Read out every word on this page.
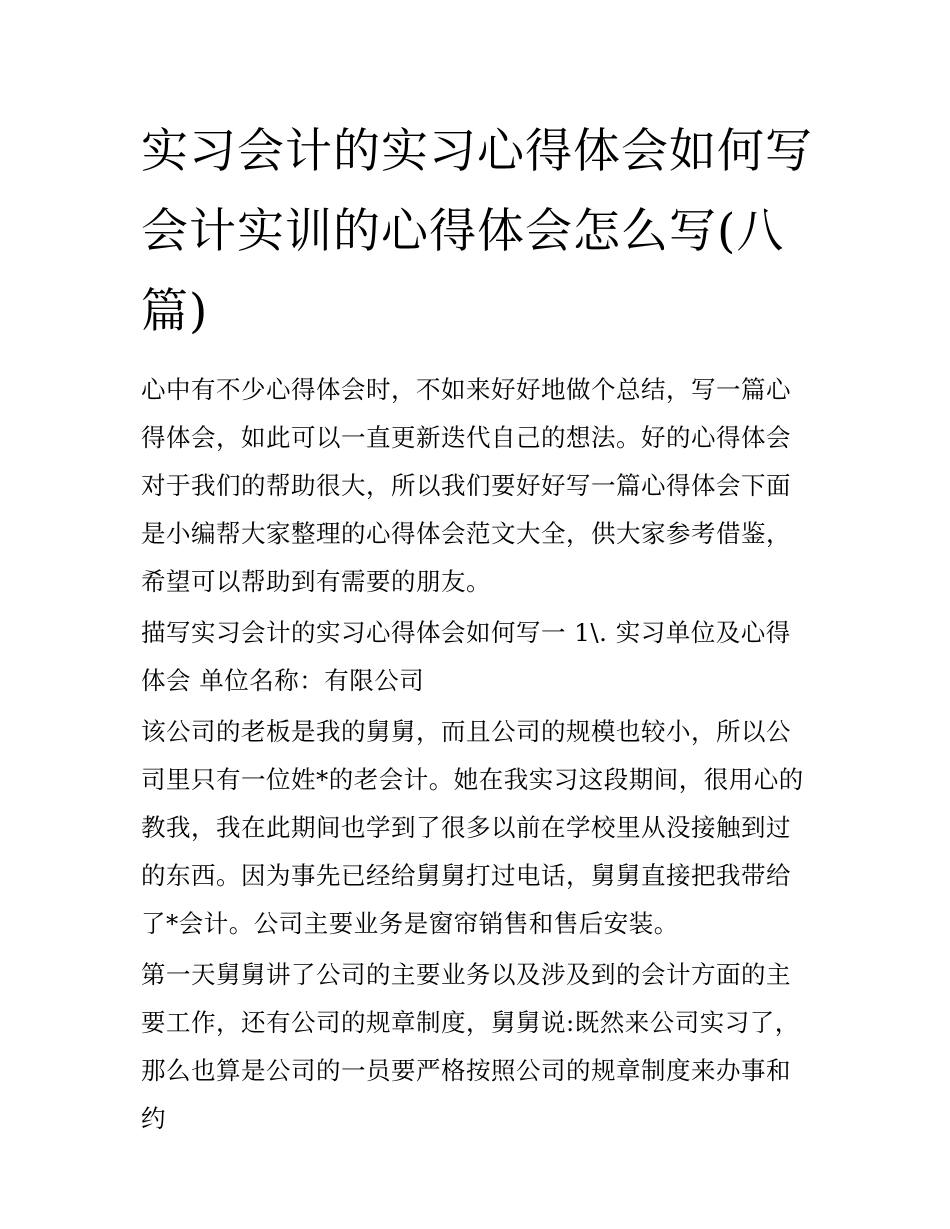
实习会计的实习心得体会如何写 会计实训的心得体会怎么写(八篇)

心中有不少心得体会时，不如来好好地做个总结，写一篇心得体会，如此可以一直更新迭代自己的想法。好的心得体会对于我们的帮助很大，所以我们要好好写一篇心得体会下面是小编帮大家整理的心得体会范文大全，供大家参考借鉴，希望可以帮助到有需要的朋友。

描写实习会计的实习心得体会如何写一 1\. 实习单位及心得体会 单位名称：有限公司

该公司的老板是我的舅舅，而且公司的规模也较小，所以公司里只有一位姓*的老会计。她在我实习这段期间，很用心的教我，我在此期间也学到了很多以前在学校里从没接触到过的东西。因为事先已经给舅舅打过电话，舅舅直接把我带给了*会计。公司主要业务是窗帘销售和售后安装。

第一天舅舅讲了公司的主要业务以及涉及到的会计方面的主要工作，还有公司的规章制度，舅舅说:既然来公司实习了，那么也算是公司的一员要严格按照公司的规章制度来办事和约
